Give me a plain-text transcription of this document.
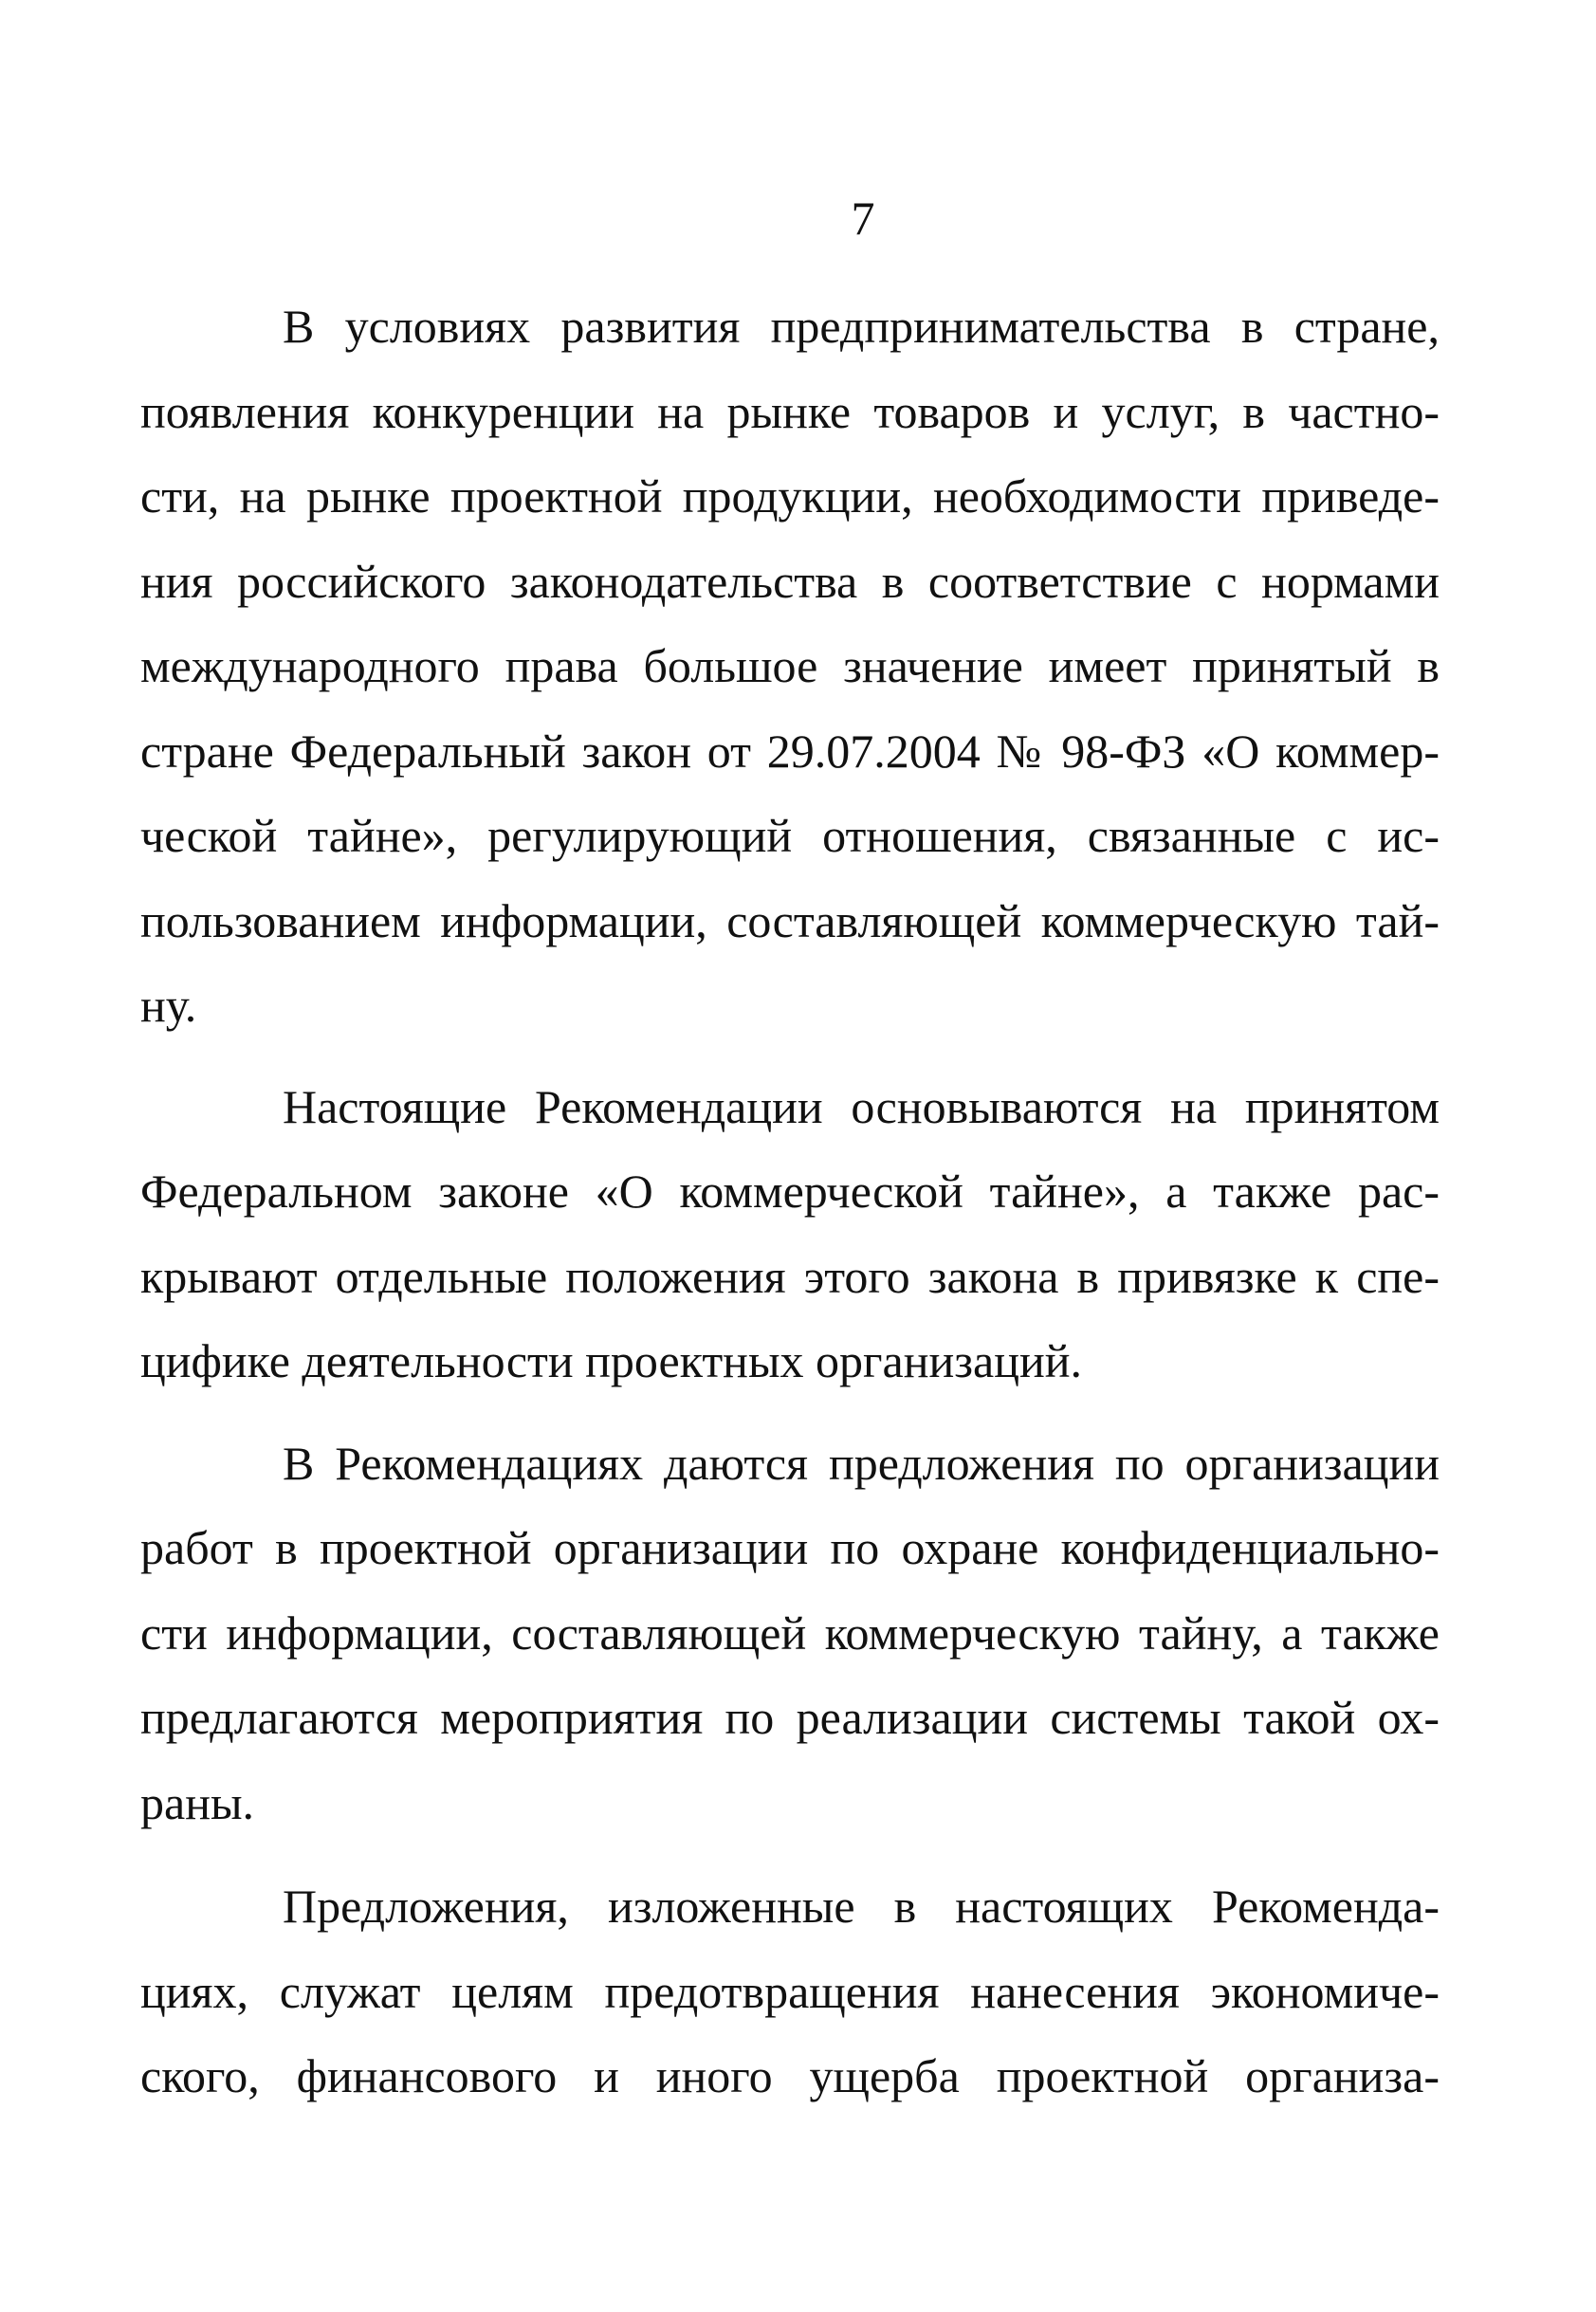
7

В условиях развития предпринимательства в стране,
появления конкуренции на рынке товаров и услуг, в частно-
сти, на рынке проектной продукции, необходимости приведе-
ния российского законодательства в соответствие с нормами
международного права большое значение имеет принятый в
стране Федеральный закон от 29.07.2004 № 98-ФЗ «О коммер-
ческой тайне», регулирующий отношения, связанные с ис-
пользованием информации, составляющей коммерческую тай-
ну.

Настоящие Рекомендации основываются на принятом
Федеральном законе «О коммерческой тайне», а также рас-
крывают отдельные положения этого закона в привязке к спе-
цифике деятельности проектных организаций.

В Рекомендациях даются предложения по организации
работ в проектной организации по охране конфиденциально-
сти информации, составляющей коммерческую тайну, а также
предлагаются мероприятия по реализации системы такой ох-
раны.

Предложения, изложенные в настоящих Рекоменда-
циях, служат целям предотвращения нанесения экономиче-
ского, финансового и иного ущерба проектной организа-
